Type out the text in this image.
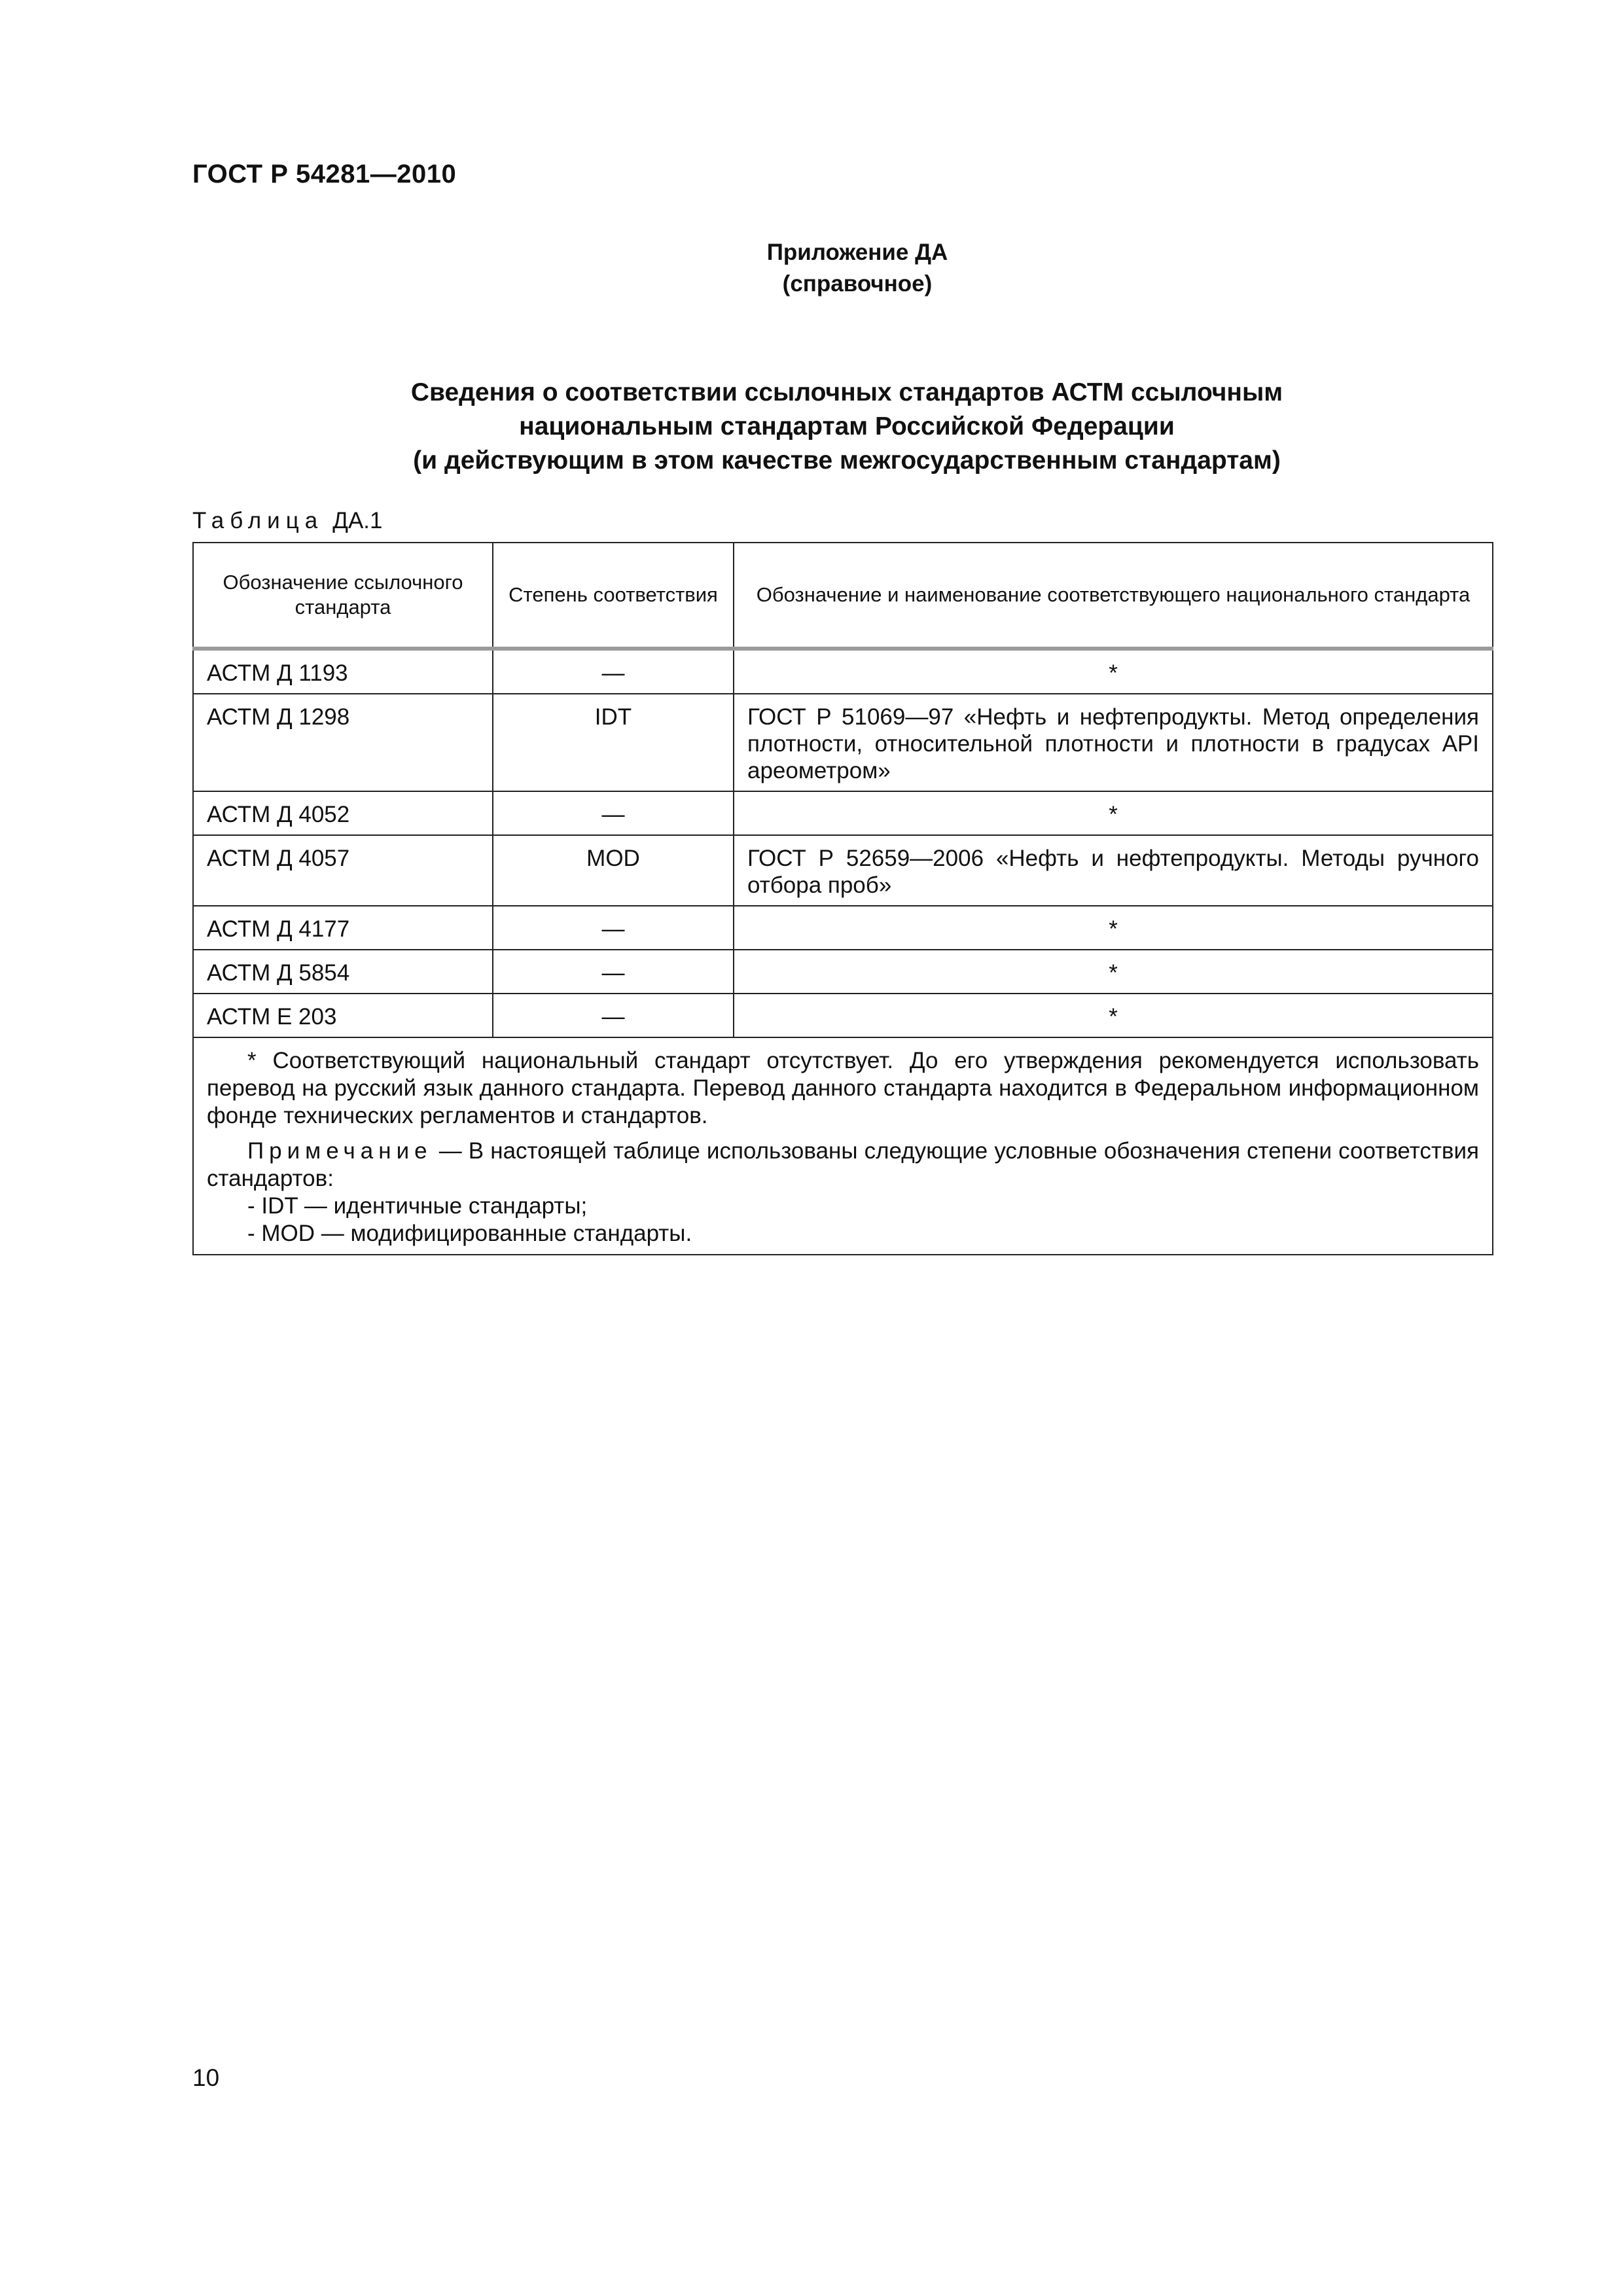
ГОСТ Р 54281—2010
Приложение ДА
(справочное)
Сведения о соответствии ссылочных стандартов АСТМ ссылочным
национальным стандартам Российской Федерации
(и действующим в этом качестве межгосударственным стандартам)
Таблица ДА.1
Обозначение ссылочного стандарта	Степень соответствия	Обозначение и наименование соответствующего национального стандарта
АСТМ Д 1193	—	*
АСТМ Д 1298	IDT	ГОСТ Р 51069—97 «Нефть и нефтепродукты. Метод определения плотности, относительной плотности и плотности в градусах API ареометром»
АСТМ Д 4052	—	*
АСТМ Д 4057	MOD	ГОСТ Р 52659—2006 «Нефть и нефтепродукты. Методы ручного отбора проб»
АСТМ Д 4177	—	*
АСТМ Д 5854	—	*
АСТМ Е 203	—	*

* Соответствующий национальный стандарт отсутствует. До его утверждения рекомендуется использовать перевод на русский язык данного стандарта. Перевод данного стандарта находится в Федеральном информационном фонде технических регламентов и стандартов.

Примечание — В настоящей таблице использованы следующие условные обозначения степени соответствия стандартов:

- IDT — идентичные стандарты;
- MOD — модифицированные стандарты.		
10
